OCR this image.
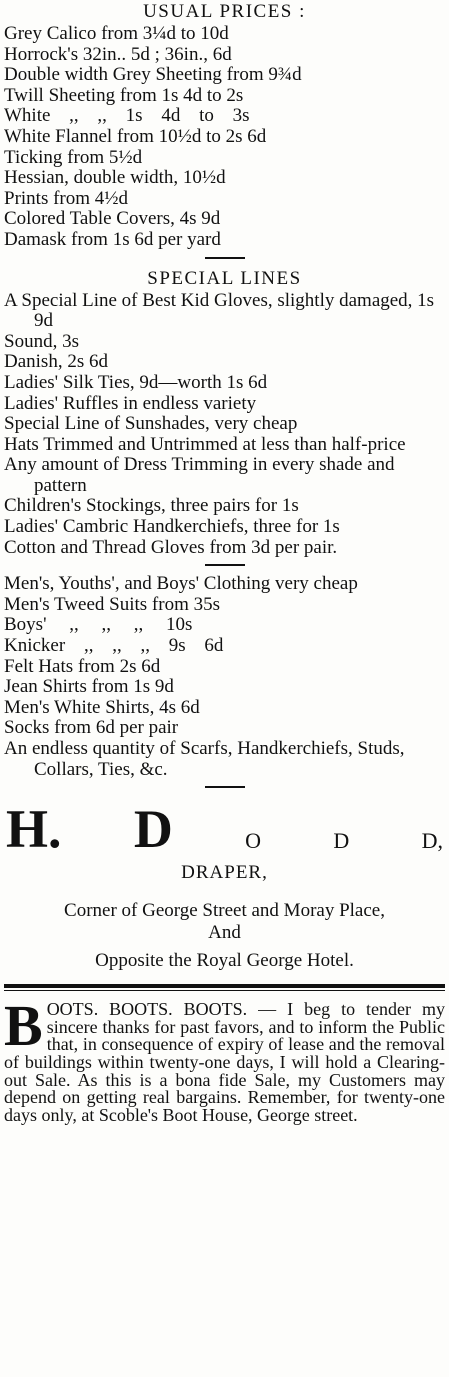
USUAL PRICES :
Grey Calico from 3¼d to 10d
Horrock's 32in.. 5d ; 36in., 6d
Double width Grey Sheeting from 9¾d
Twill Sheeting from 1s 4d to 2s
White ,, ,, 1s 4d to 3s
White Flannel from 10½d to 2s 6d
Ticking from 5½d
Hessian, double width, 10½d
Prints from 4½d
Colored Table Covers, 4s 9d
Damask from 1s 6d per yard
SPECIAL LINES
A Special Line of Best Kid Gloves, slightly damaged, 1s 9d
Sound, 3s
Danish, 2s 6d
Ladies' Silk Ties, 9d—worth 1s 6d
Ladies' Ruffles in endless variety
Special Line of Sunshades, very cheap
Hats Trimmed and Untrimmed at less than half-price
Any amount of Dress Trimming in every shade and pattern
Children's Stockings, three pairs for 1s
Ladies' Cambric Handkerchiefs, three for 1s
Cotton and Thread Gloves from 3d per pair.
Men's, Youths', and Boys' Clothing very cheap
Men's Tweed Suits from 35s
Boys' ,, ,, ,, 10s
Knicker ,, ,, ,, 9s 6d
Felt Hats from 2s 6d
Jean Shirts from 1s 9d
Men's White Shirts, 4s 6d
Socks from 6d per pair
An endless quantity of Scarfs, Handkerchiefs, Studs, Collars, Ties, &c.
H. D	O	D	D,
DRAPER,
Corner of George Street and Moray Place,
And
Opposite the Royal George Hotel.
B OOTS. BOOTS. BOOTS. — I beg to tender my sincere thanks for past favors, and to inform the Public that, in consequence of expiry of lease and the removal of buildings within twenty-one days, I will hold a Clearing-out Sale. As this is a bona fide Sale, my Customers may depend on getting real bargains. Remember, for twenty-one days only, at Scoble's Boot House, George street.
